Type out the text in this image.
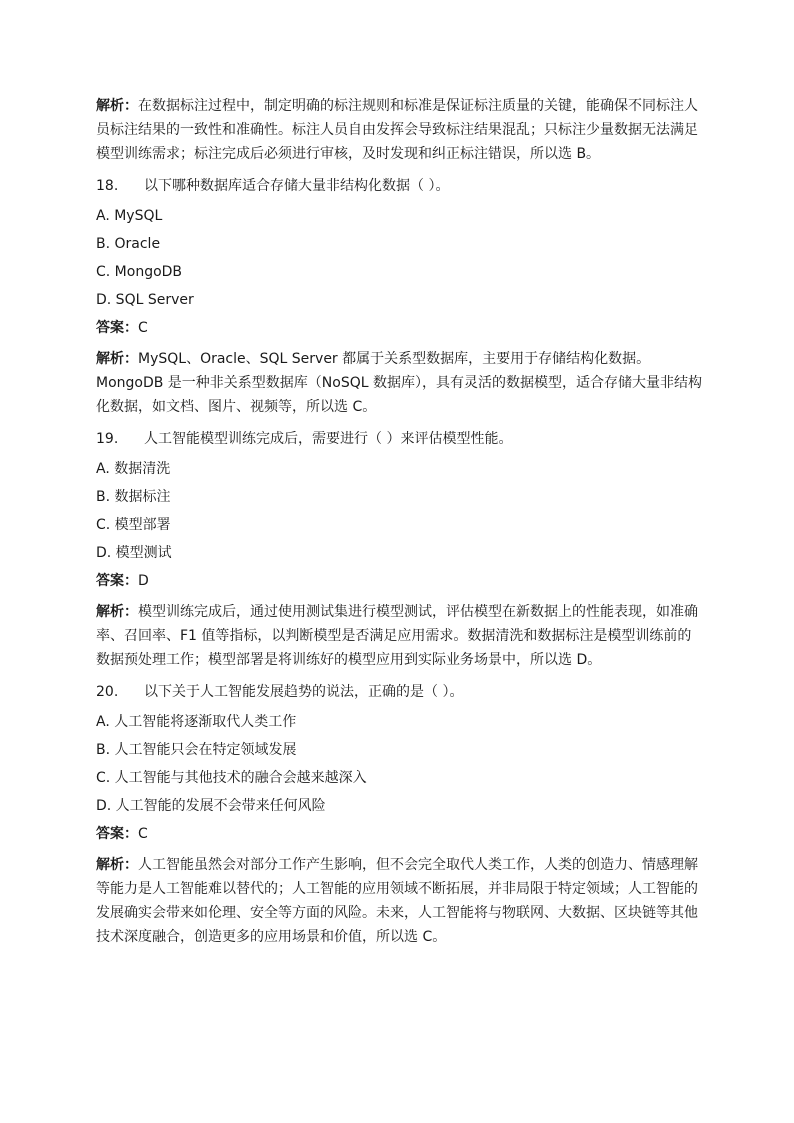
解析：在数据标注过程中，制定明确的标注规则和标准是保证标注质量的关键，能确保不同标注人员标注结果的一致性和准确性。标注人员自由发挥会导致标注结果混乱；只标注少量数据无法满足模型训练需求；标注完成后必须进行审核，及时发现和纠正标注错误，所以选 B。

18. 以下哪种数据库适合存储大量非结构化数据（ ）。

A. MySQL

B. Oracle

C. MongoDB

D. SQL Server

答案：C

解析：MySQL、Oracle、SQL Server 都属于关系型数据库，主要用于存储结构化数据。MongoDB 是一种非关系型数据库（NoSQL 数据库），具有灵活的数据模型，适合存储大量非结构化数据，如文档、图片、视频等，所以选 C。

19. 人工智能模型训练完成后，需要进行（ ）来评估模型性能。

A. 数据清洗

B. 数据标注

C. 模型部署

D. 模型测试

答案：D

解析：模型训练完成后，通过使用测试集进行模型测试，评估模型在新数据上的性能表现，如准确率、召回率、F1 值等指标，以判断模型是否满足应用需求。数据清洗和数据标注是模型训练前的数据预处理工作；模型部署是将训练好的模型应用到实际业务场景中，所以选 D。

20. 以下关于人工智能发展趋势的说法，正确的是（ ）。

A. 人工智能将逐渐取代人类工作

B. 人工智能只会在特定领域发展

C. 人工智能与其他技术的融合会越来越深入

D. 人工智能的发展不会带来任何风险

答案：C

解析：人工智能虽然会对部分工作产生影响，但不会完全取代人类工作，人类的创造力、情感理解等能力是人工智能难以替代的；人工智能的应用领域不断拓展，并非局限于特定领域；人工智能的发展确实会带来如伦理、安全等方面的风险。未来，人工智能将与物联网、大数据、区块链等其他技术深度融合，创造更多的应用场景和价值，所以选 C。
